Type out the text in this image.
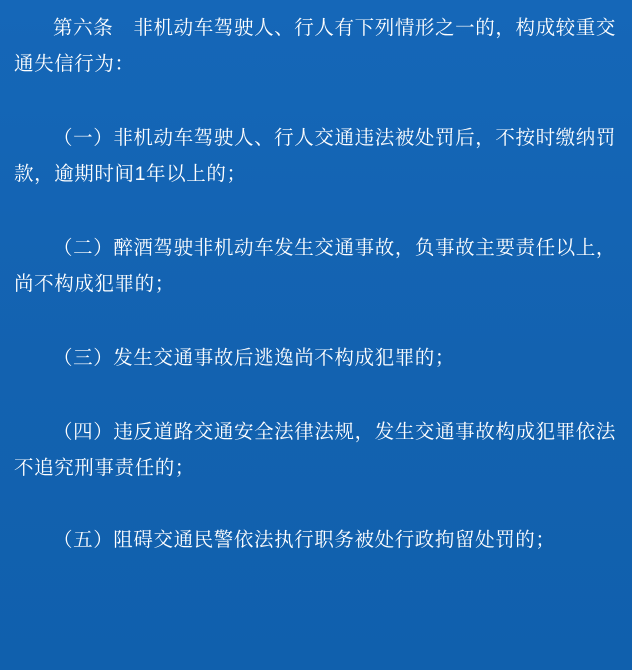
第六条　非机动车驾驶人、行人有下列情形之一的，构成较重交通失信行为：

（一）非机动车驾驶人、行人交通违法被处罚后，不按时缴纳罚款，逾期时间1年以上的；

（二）醉酒驾驶非机动车发生交通事故，负事故主要责任以上，尚不构成犯罪的；

（三）发生交通事故后逃逸尚不构成犯罪的；

（四）违反道路交通安全法律法规，发生交通事故构成犯罪依法不追究刑事责任的；

（五）阻碍交通民警依法执行职务被处行政拘留处罚的；
